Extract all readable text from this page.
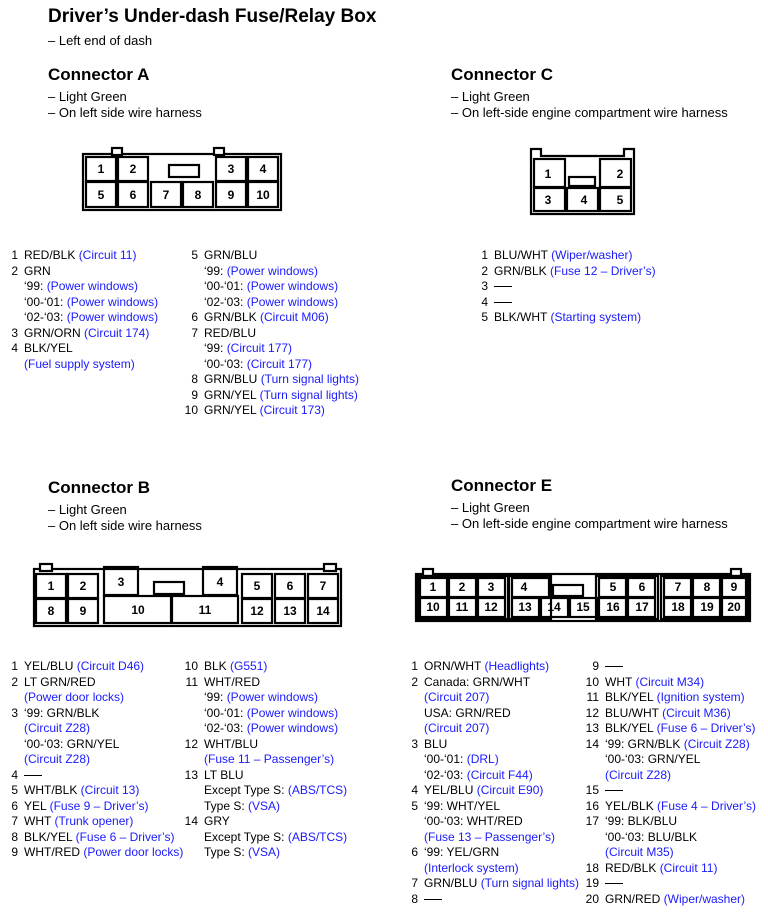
Driver’s Under-dash Fuse/Relay Box
– Left end of dash
Connector A
– Light Green
– On left side wire harness
1 2	3 4
5 6 7 8 9 10
1 RED/BLK (Circuit 11)
2 GRN
‘99: (Power windows)
‘00-‘01: (Power windows)
‘02-‘03: (Power windows)
3 GRN/ORN (Circuit 174)
4 BLK/YEL
(Fuel supply system)
5 GRN/BLU
‘99: (Power windows)
‘00-‘01: (Power windows)
‘02-‘03: (Power windows)
6 GRN/BLK (Circuit M06)
7 RED/BLU
‘99: (Circuit 177)
‘00-‘03: (Circuit 177)
8 GRN/BLU (Turn signal lights)
9 GRN/YEL (Turn signal lights)
10 GRN/YEL (Circuit 173)
Connector C
– Light Green
– On left-side engine compartment wire harness
1	2
3 4 5
1 BLU/WHT (Wiper/washer)
2 GRN/BLK (Fuse 12 – Driver’s)
3
4
5 BLK/WHT (Starting system)
Connector B
– Light Green
– On left side wire harness
1 2	3	4	5 6 7
8 9	10	11	12 13 14
1 YEL/BLU (Circuit D46)
2 LT GRN/RED
(Power door locks)
3 ‘99: GRN/BLK
(Circuit Z28)
‘00-‘03: GRN/YEL
(Circuit Z28)
4
5 WHT/BLK (Circuit 13)
6 YEL (Fuse 9 – Driver’s)
7 WHT (Trunk opener)
8 BLK/YEL (Fuse 6 – Driver’s)
9 WHT/RED (Power door locks)
10 BLK (G551)
11 WHT/RED
‘99: (Power windows)
‘00-‘01: (Power windows)
‘02-‘03: (Power windows)
12 WHT/BLU
(Fuse 11 – Passenger’s)
13 LT BLU
Except Type S: (ABS/TCS)
Type S: (VSA)
14 GRY
Except Type S: (ABS/TCS)
Type S: (VSA)
Connector E
– Light Green
– On left-side engine compartment wire harness
1 2 3 4	5 6 7 8 9
10 11 12 13 14 15 16 17 18 19 20
1 ORN/WHT (Headlights)
2 Canada: GRN/WHT
(Circuit 207)
USA: GRN/RED
(Circuit 207)
3 BLU
‘00-‘01: (DRL)
‘02-‘03: (Circuit F44)
4 YEL/BLU (Circuit E90)
5 ‘99: WHT/YEL
‘00-‘03: WHT/RED
(Fuse 13 – Passenger’s)
6 ‘99: YEL/GRN
(Interlock system)
7 GRN/BLU (Turn signal lights)
8
9
10 WHT (Circuit M34)
11 BLK/YEL (Ignition system)
12 BLU/WHT (Circuit M36)
13 BLK/YEL (Fuse 6 – Driver’s)
14 ‘99: GRN/BLK (Circuit Z28)
‘00-‘03: GRN/YEL
(Circuit Z28)
15
16 YEL/BLK (Fuse 4 – Driver’s)
17 ‘99: BLK/BLU
‘00-‘03: BLU/BLK
(Circuit M35)
18 RED/BLK (Circuit 11)
19
20 GRN/RED (Wiper/washer)
